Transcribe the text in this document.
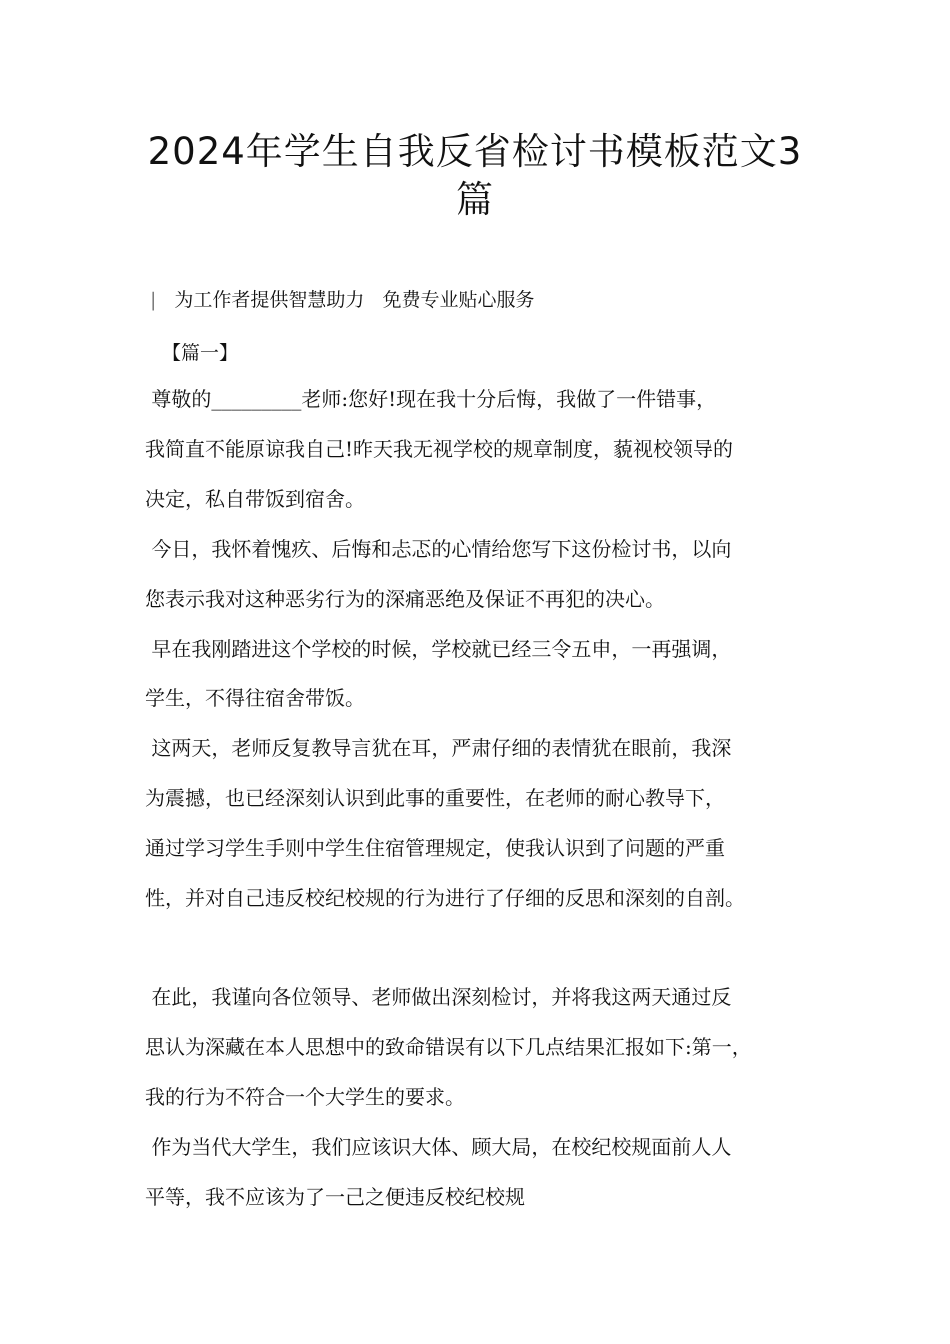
2024年学生自我反省检讨书模板范文3
篇
| 为工作者提供智慧助力   免费专业贴心服务
【篇一】
尊敬的_________老师:您好!现在我十分后悔，我做了一件错事，
我简直不能原谅我自己!昨天我无视学校的规章制度，藐视校领导的
决定，私自带饭到宿舍。
今日，我怀着愧疚、后悔和忐忑的心情给您写下这份检讨书，以向
您表示我对这种恶劣行为的深痛恶绝及保证不再犯的决心。
早在我刚踏进这个学校的时候，学校就已经三令五申，一再强调，
学生，不得往宿舍带饭。
这两天，老师反复教导言犹在耳，严肃仔细的表情犹在眼前，我深
为震撼，也已经深刻认识到此事的重要性，在老师的耐心教导下，
通过学习学生手则中学生住宿管理规定，使我认识到了问题的严重
性，并对自己违反校纪校规的行为进行了仔细的反思和深刻的自剖。
在此，我谨向各位领导、老师做出深刻检讨，并将我这两天通过反
思认为深藏在本人思想中的致命错误有以下几点结果汇报如下:第一，
我的行为不符合一个大学生的要求。
作为当代大学生，我们应该识大体、顾大局，在校纪校规面前人人
平等，我不应该为了一己之便违反校纪校规
